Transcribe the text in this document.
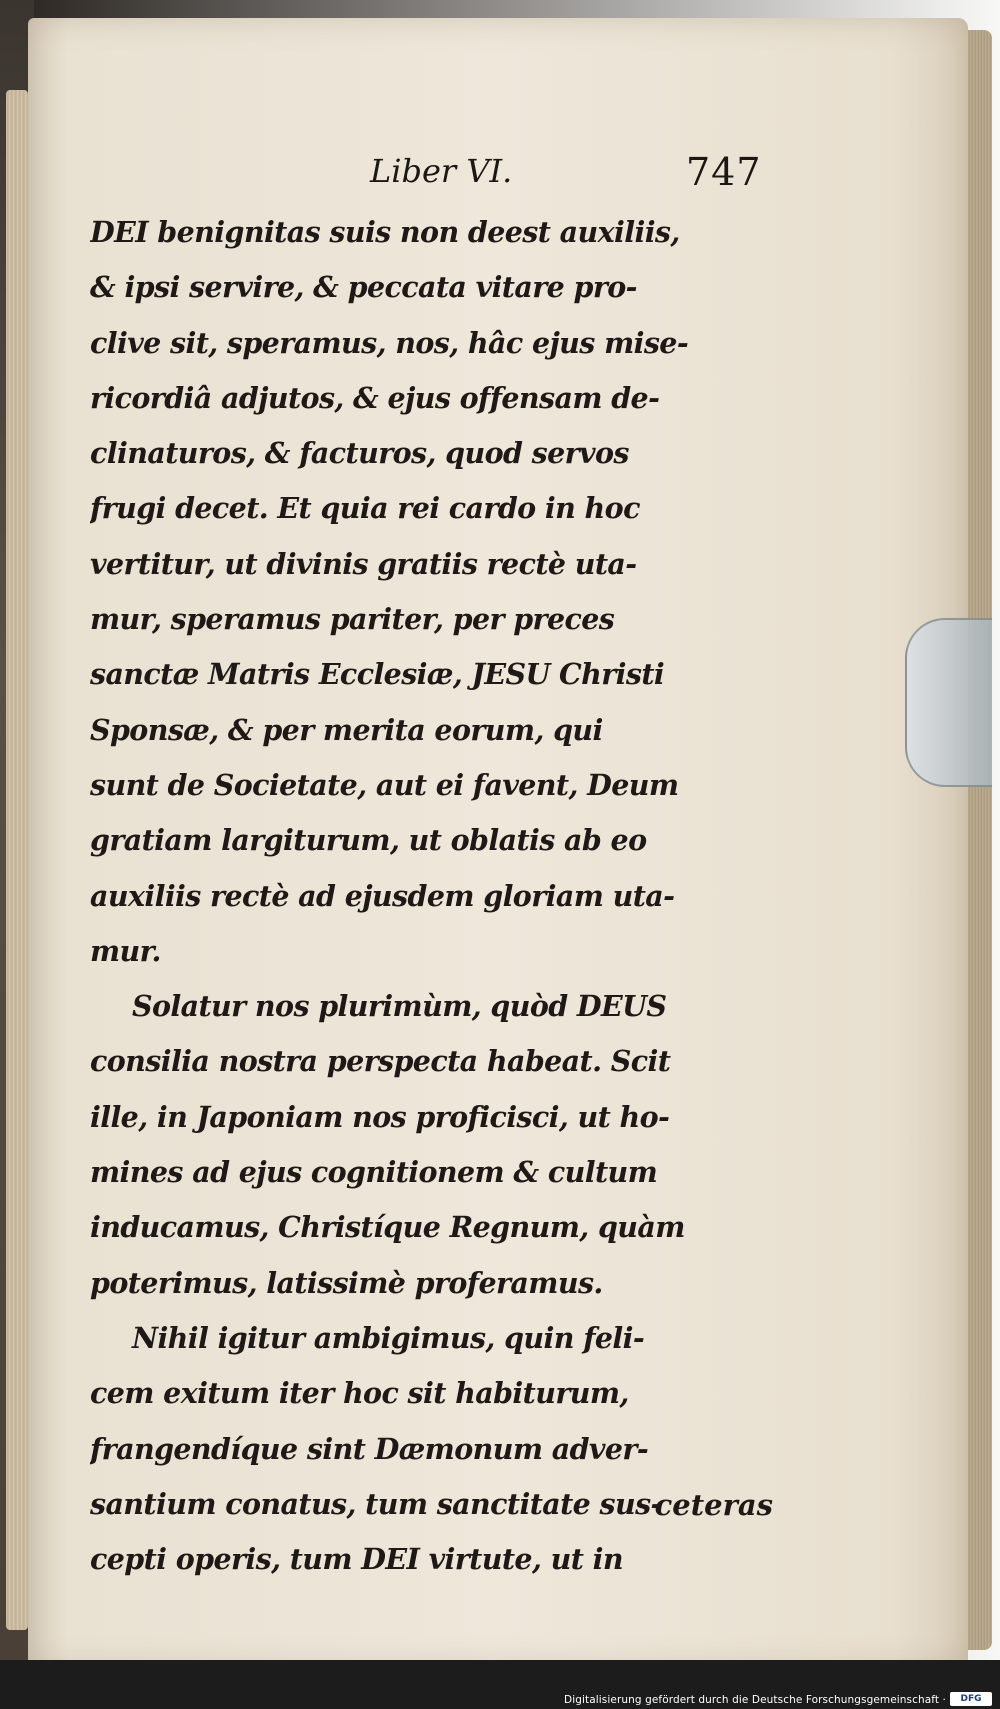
Liber VI.	747
DEI benignitas suis non deest auxiliis,
& ipsi servire, & peccata vitare pro-
clive sit, speramus, nos, hâc ejus mise-
ricordiâ adjutos, & ejus offensam de-
clinaturos, & facturos, quod servos
frugi decet. Et quia rei cardo in hoc
vertitur, ut divinis gratiis rectè uta-
mur, speramus pariter, per preces
sanctæ Matris Ecclesiæ, JESU Christi
Sponsæ, & per merita eorum, qui
sunt de Societate, aut ei favent, Deum
gratiam largiturum, ut oblatis ab eo
auxiliis rectè ad ejusdem gloriam uta-
mur.
Solatur nos plurimùm, quòd DEUS
consilia nostra perspecta habeat. Scit
ille, in Japoniam nos proficisci, ut ho-
mines ad ejus cognitionem & cultum
inducamus, Christíque Regnum, quàm
poterimus, latissimè proferamus.
Nihil igitur ambigimus, quin feli-
cem exitum iter hoc sit habiturum,
frangendíque sint Dæmonum adver-
santium conatus, tum sanctitate sus-
cepti operis, tum DEI virtute, ut in
ceteras
Digitalisierung gefördert durch die Deutsche Forschungsgemeinschaft ·	DFG
